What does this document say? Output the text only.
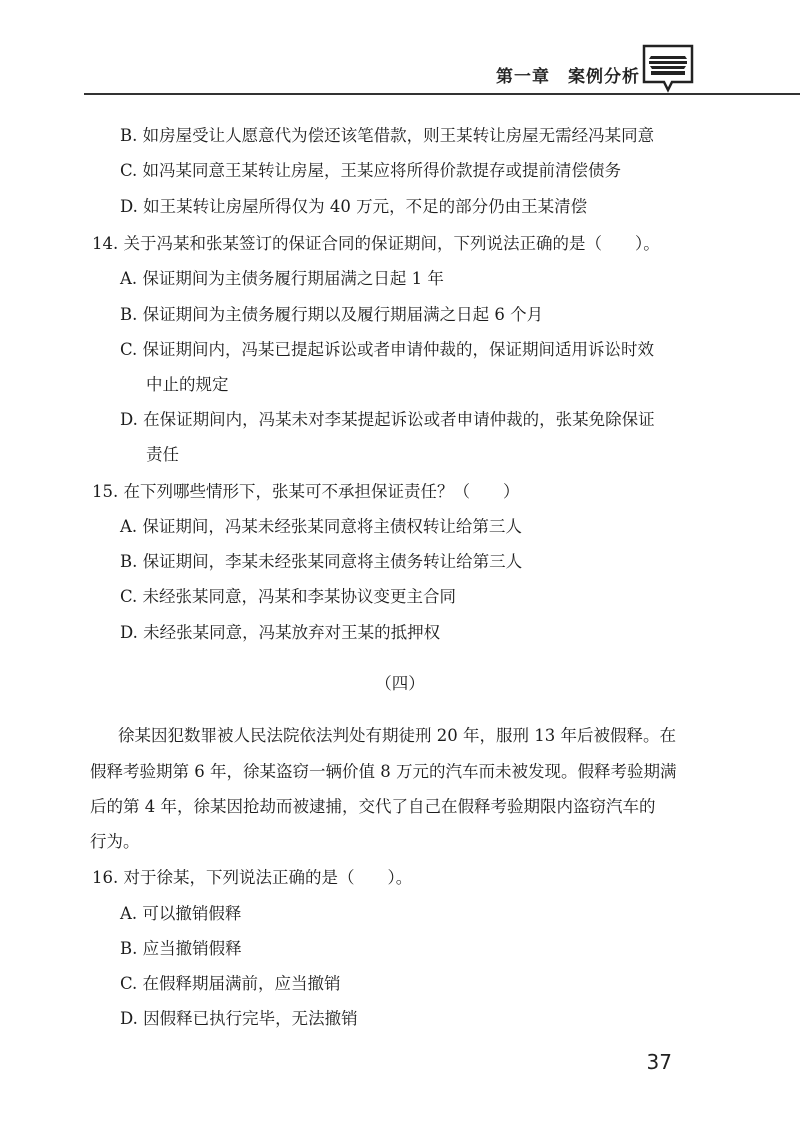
第一章　案例分析
B. 如房屋受让人愿意代为偿还该笔借款，则王某转让房屋无需经冯某同意
C. 如冯某同意王某转让房屋，王某应将所得价款提存或提前清偿债务
D. 如王某转让房屋所得仅为 40 万元，不足的部分仍由王某清偿
14. 关于冯某和张某签订的保证合同的保证期间，下列说法正确的是（　　）。
A. 保证期间为主债务履行期届满之日起 1 年
B. 保证期间为主债务履行期以及履行期届满之日起 6 个月
C. 保证期间内，冯某已提起诉讼或者申请仲裁的，保证期间适用诉讼时效
中止的规定
D. 在保证期间内，冯某未对李某提起诉讼或者申请仲裁的，张某免除保证
责任
15. 在下列哪些情形下，张某可不承担保证责任？（　　）
A. 保证期间，冯某未经张某同意将主债权转让给第三人
B. 保证期间，李某未经张某同意将主债务转让给第三人
C. 未经张某同意，冯某和李某协议变更主合同
D. 未经张某同意，冯某放弃对王某的抵押权
（四）
徐某因犯数罪被人民法院依法判处有期徒刑 20 年，服刑 13 年后被假释。在
假释考验期第 6 年，徐某盗窃一辆价值 8 万元的汽车而未被发现。假释考验期满
后的第 4 年，徐某因抢劫而被逮捕，交代了自己在假释考验期限内盗窃汽车的
行为。
16. 对于徐某，下列说法正确的是（　　）。
A. 可以撤销假释
B. 应当撤销假释
C. 在假释期届满前，应当撤销
D. 因假释已执行完毕，无法撤销
37
